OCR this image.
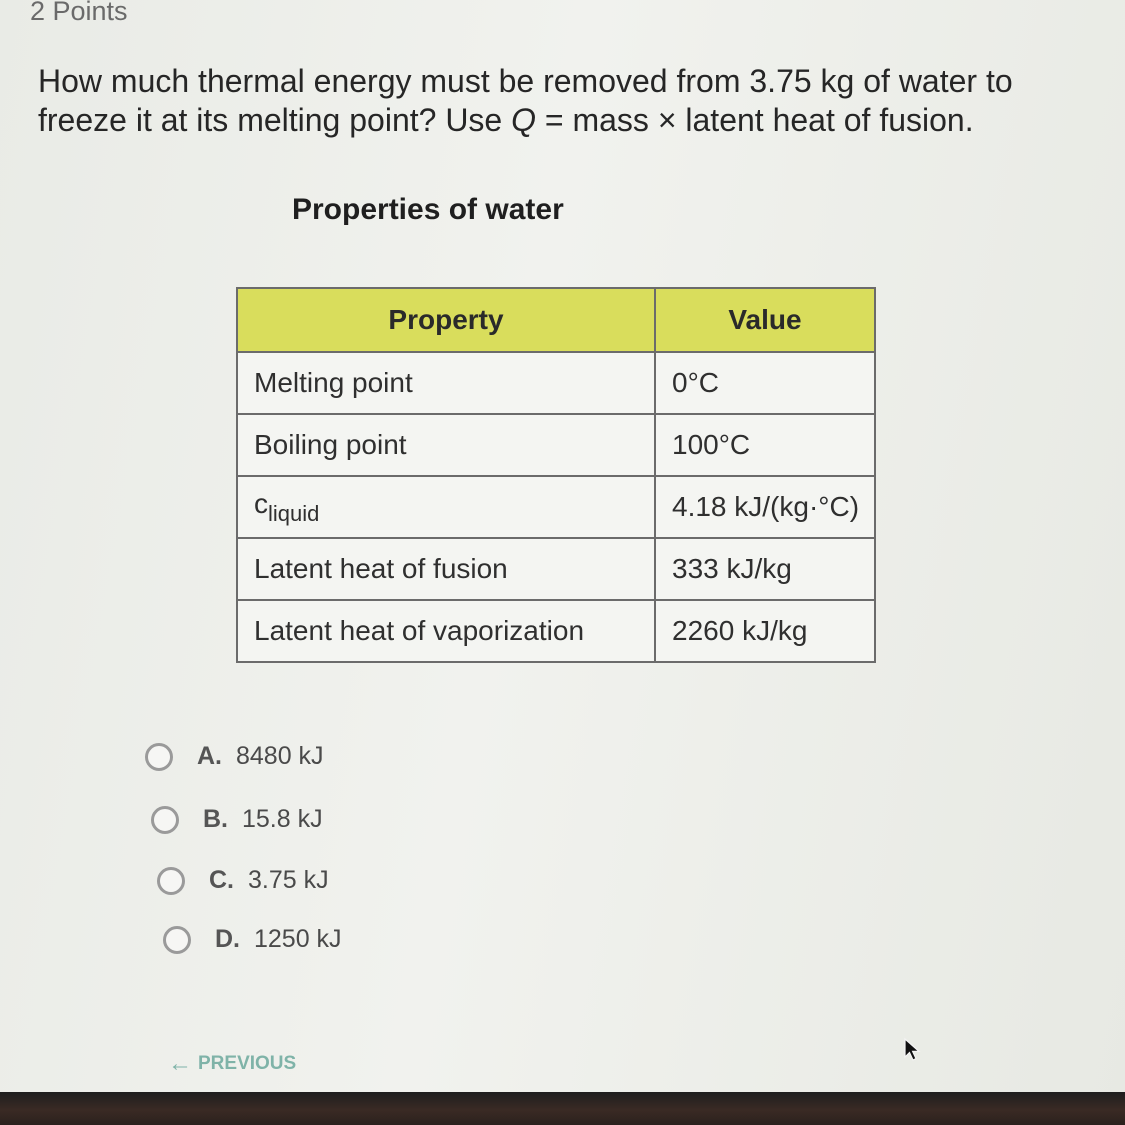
2 Points
How much thermal energy must be removed from 3.75 kg of water to freeze it at its melting point? Use Q = mass × latent heat of fusion.
Properties of water
Property	Value
Melting point	0°C
Boiling point	100°C
$c_{liquid}$	4.18 kJ/(kg·°C)
Latent heat of fusion	333 kJ/kg
Latent heat of vaporization	2260 kJ/kg
A. 8480 kJ
B. 15.8 kJ
C. 3.75 kJ
D. 1250 kJ
← PREVIOUS
